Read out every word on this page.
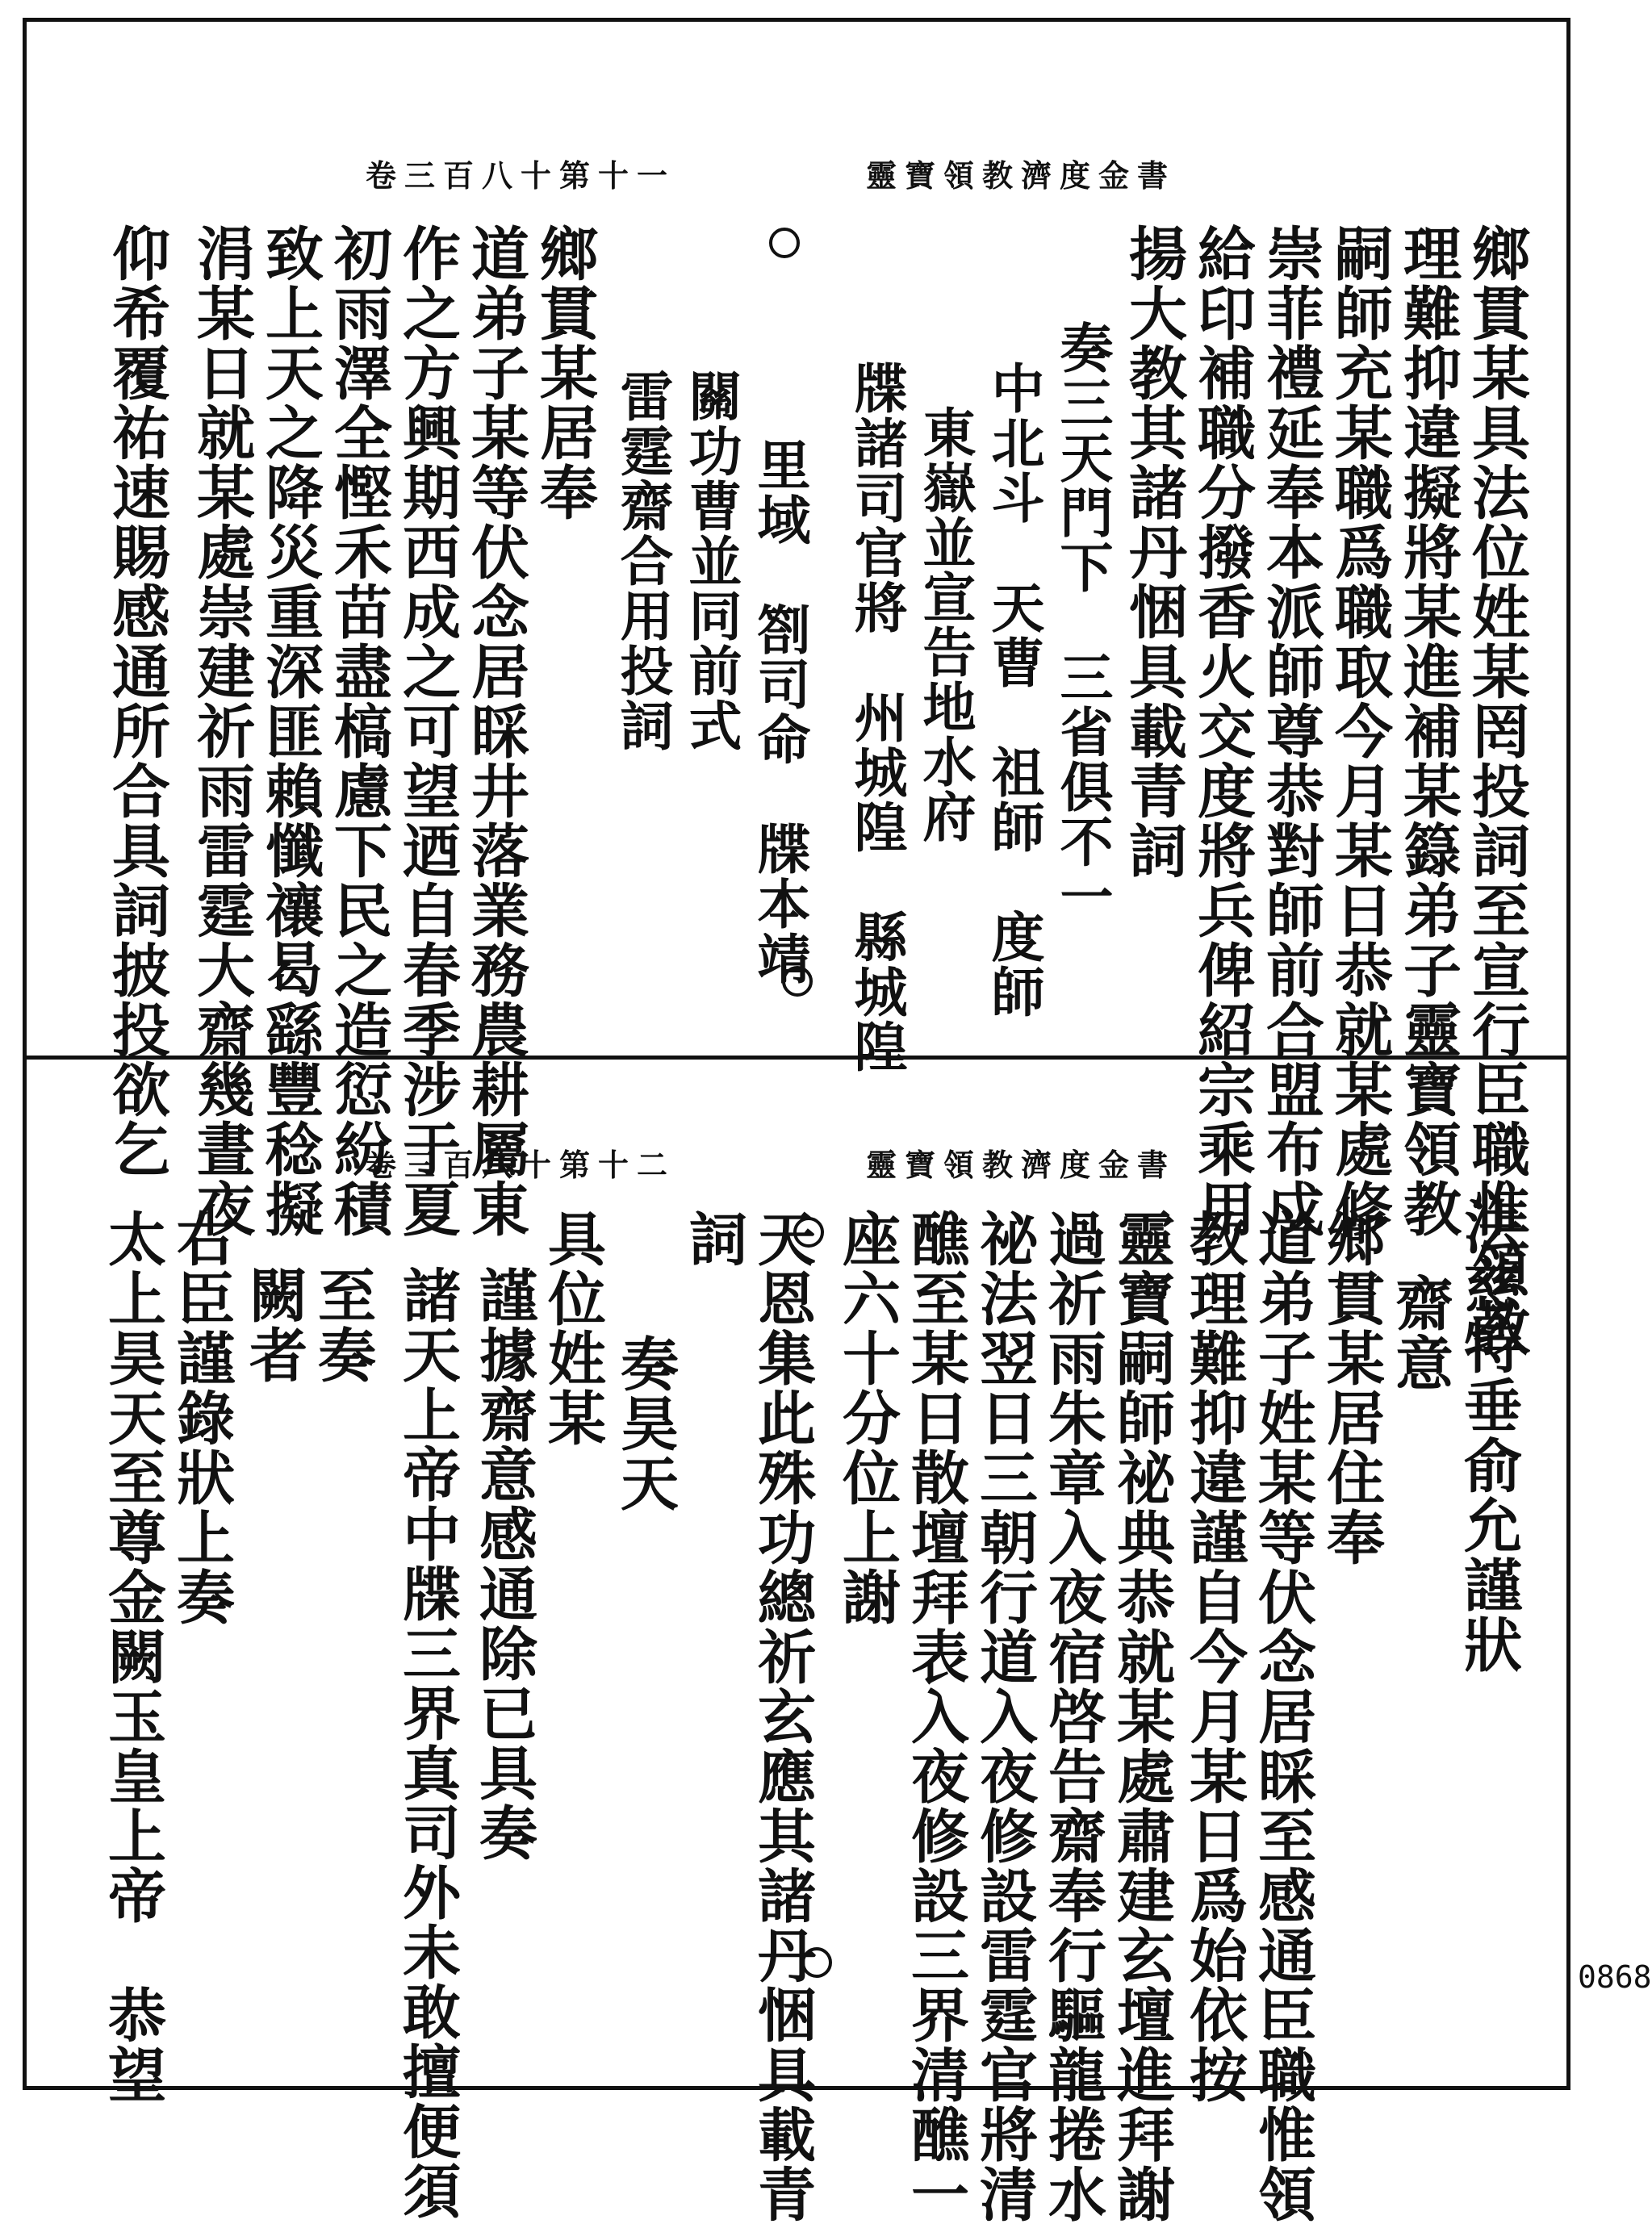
靈寶領教濟度金書
卷三百八十第十一
鄉貫某具法位姓某罔投詞至宣行臣職惟領教
理難抑違擬將某進補某籙弟子靈寶領教
嗣師充某職爲職取今月某日恭就某處修
崇菲禮延奉本派師尊恭對師前合盟布戍
給印補職分撥香火交度將兵俾紹宗乘用
揚大教其諸丹悃具載青詞
奏三天門下　三省俱不一
中北斗　天曹　祖師　度師
東嶽並宣告地水府
牒諸司官將　州城隍　縣城隍
里域　劄司命　牒本靖
關功曹並同前式
雷霆齋合用投詞
鄉貫某居奉
道弟子某等伏念居睬井落業務農耕屬東
作之方興期西成之可望迺自春季涉于夏
初雨澤全慳禾苗盡槁慮下民之造愆紛積
致上天之降災重深匪賴懺禳曷繇豐稔擬
涓某日就某處崇建祈雨雷霆大齋幾晝夜
仰希覆祐速賜感通所合具詞披投欲乞	靈寶領教濟度金書
卷三百八十第十二
法慈特垂俞允謹狀
齋意
鄉貫某居住奉
道弟子姓某等伏念居睬至感通臣職惟領
教理難抑違謹自今月某日爲始依按
靈寶嗣師祕典恭就某處肅建玄壇進拜謝
過祈雨朱章入夜宿啓告齋奉行驅龍捲水
祕法翌日三朝行道入夜修設雷霆官將清
醮至某日散壇拜表入夜修設三界清醮一
座六十分位上謝
天恩集此殊功總祈玄應其諸丹悃具載青
詞
奏昊天
具位姓某
謹據齋意感通除已具奏
諸天上帝中牒三界真司外未敢擅便須
至奏
闕者
右臣謹錄狀上奏
太上昊天至尊金闕玉皇上帝　恭望	0868
